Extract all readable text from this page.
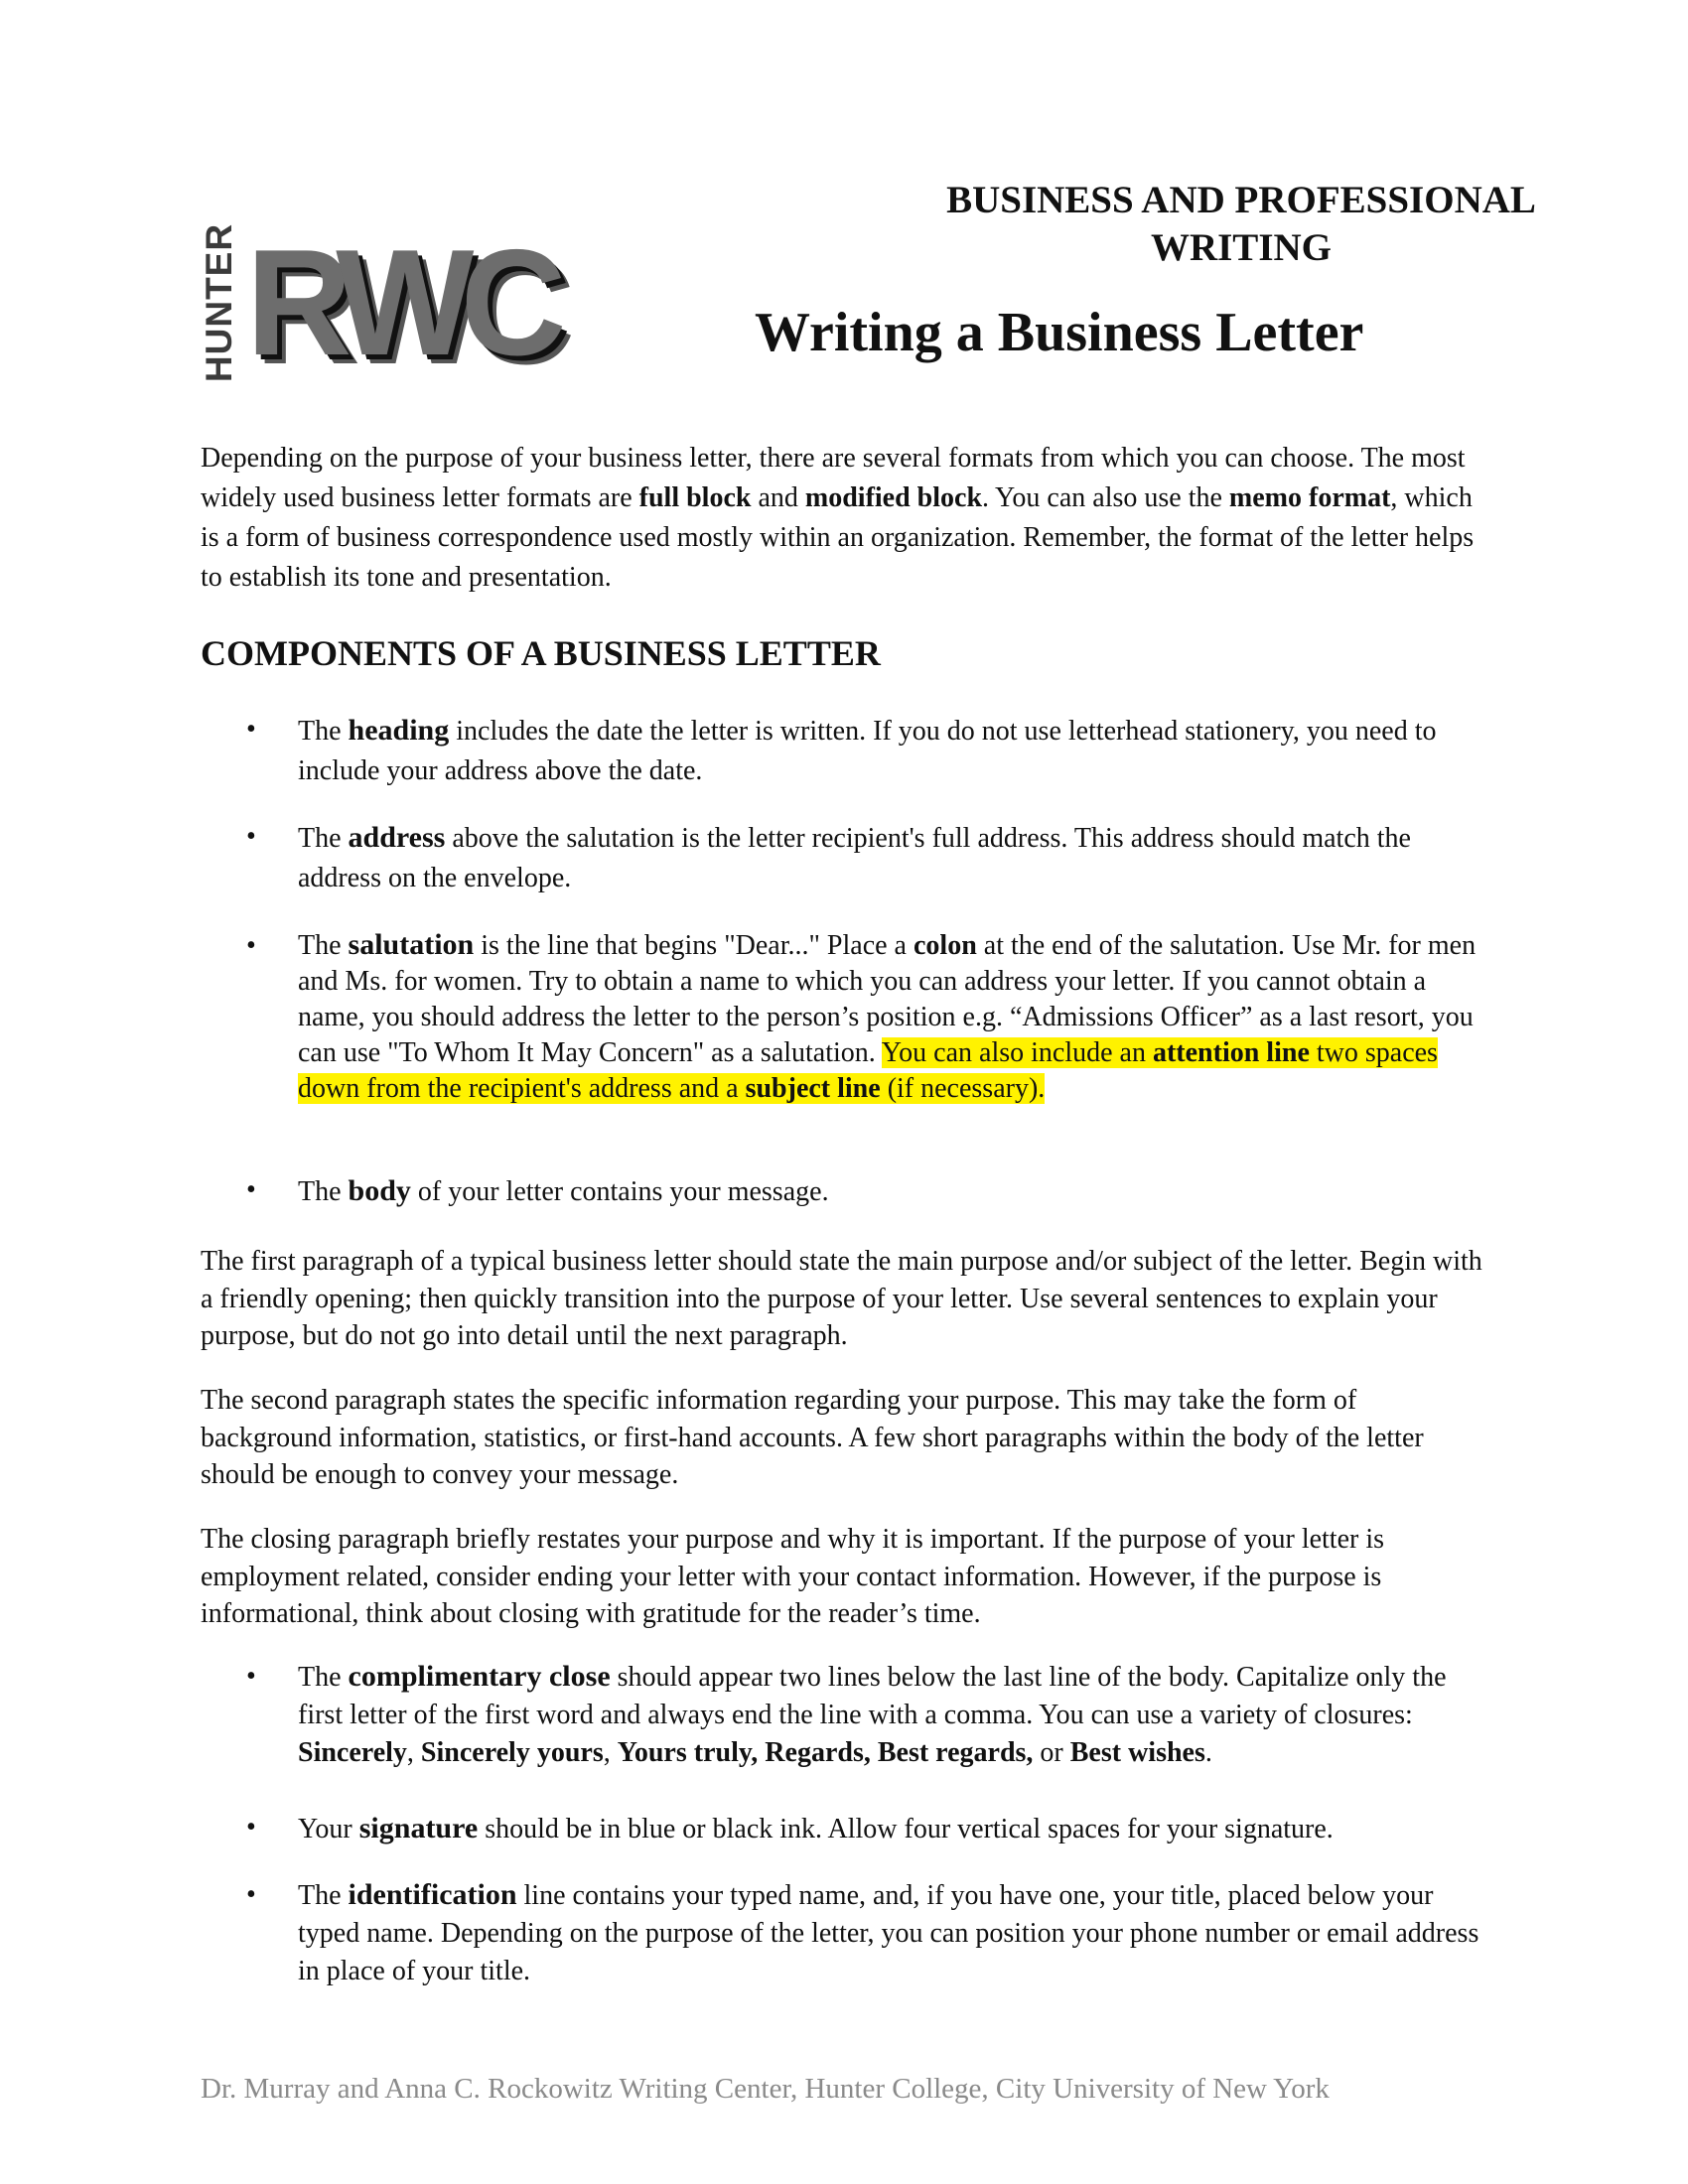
HUNTER RWC

BUSINESS AND PROFESSIONAL

WRITING

Writing a Business Letter

Depending on the purpose of your business letter, there are several formats from which you can choose. The most widely used business letter formats are full block and modified block. You can also use the memo format, which is a form of business correspondence used mostly within an organization. Remember, the format of the letter helps to establish its tone and presentation.

COMPONENTS OF A BUSINESS LETTER
• The heading includes the date the letter is written. If you do not use letterhead stationery, you need to include your address above the date.

• The address above the salutation is the letter recipient's full address. This address should match the address on the envelope.

• The salutation is the line that begins "Dear..." Place a colon at the end of the salutation. Use Mr. for men and Ms. for women. Try to obtain a name to which you can address your letter. If you cannot obtain a name, you should address the letter to the person’s position e.g. “Admissions Officer” as a last resort, you can use "To Whom It May Concern" as a salutation. You can also include an attention line two spaces down from the recipient's address and a subject line (if necessary).

• The body of your letter contains your message.

The first paragraph of a typical business letter should state the main purpose and/or subject of the letter. Begin with a friendly opening; then quickly transition into the purpose of your letter. Use several sentences to explain your purpose, but do not go into detail until the next paragraph.

The second paragraph states the specific information regarding your purpose. This may take the form of background information, statistics, or first-hand accounts. A few short paragraphs within the body of the letter should be enough to convey your message.

The closing paragraph briefly restates your purpose and why it is important. If the purpose of your letter is employment related, consider ending your letter with your contact information. However, if the purpose is informational, think about closing with gratitude for the reader’s time.

• The complimentary close should appear two lines below the last line of the body. Capitalize only the first letter of the first word and always end the line with a comma. You can use a variety of closures: Sincerely, Sincerely yours, Yours truly, Regards, Best regards, or Best wishes.

• Your signature should be in blue or black ink. Allow four vertical spaces for your signature.

• The identification line contains your typed name, and, if you have one, your title, placed below your typed name. Depending on the purpose of the letter, you can position your phone number or email address in place of your title.

Dr. Murray and Anna C. Rockowitz Writing Center, Hunter College, City University of New York
